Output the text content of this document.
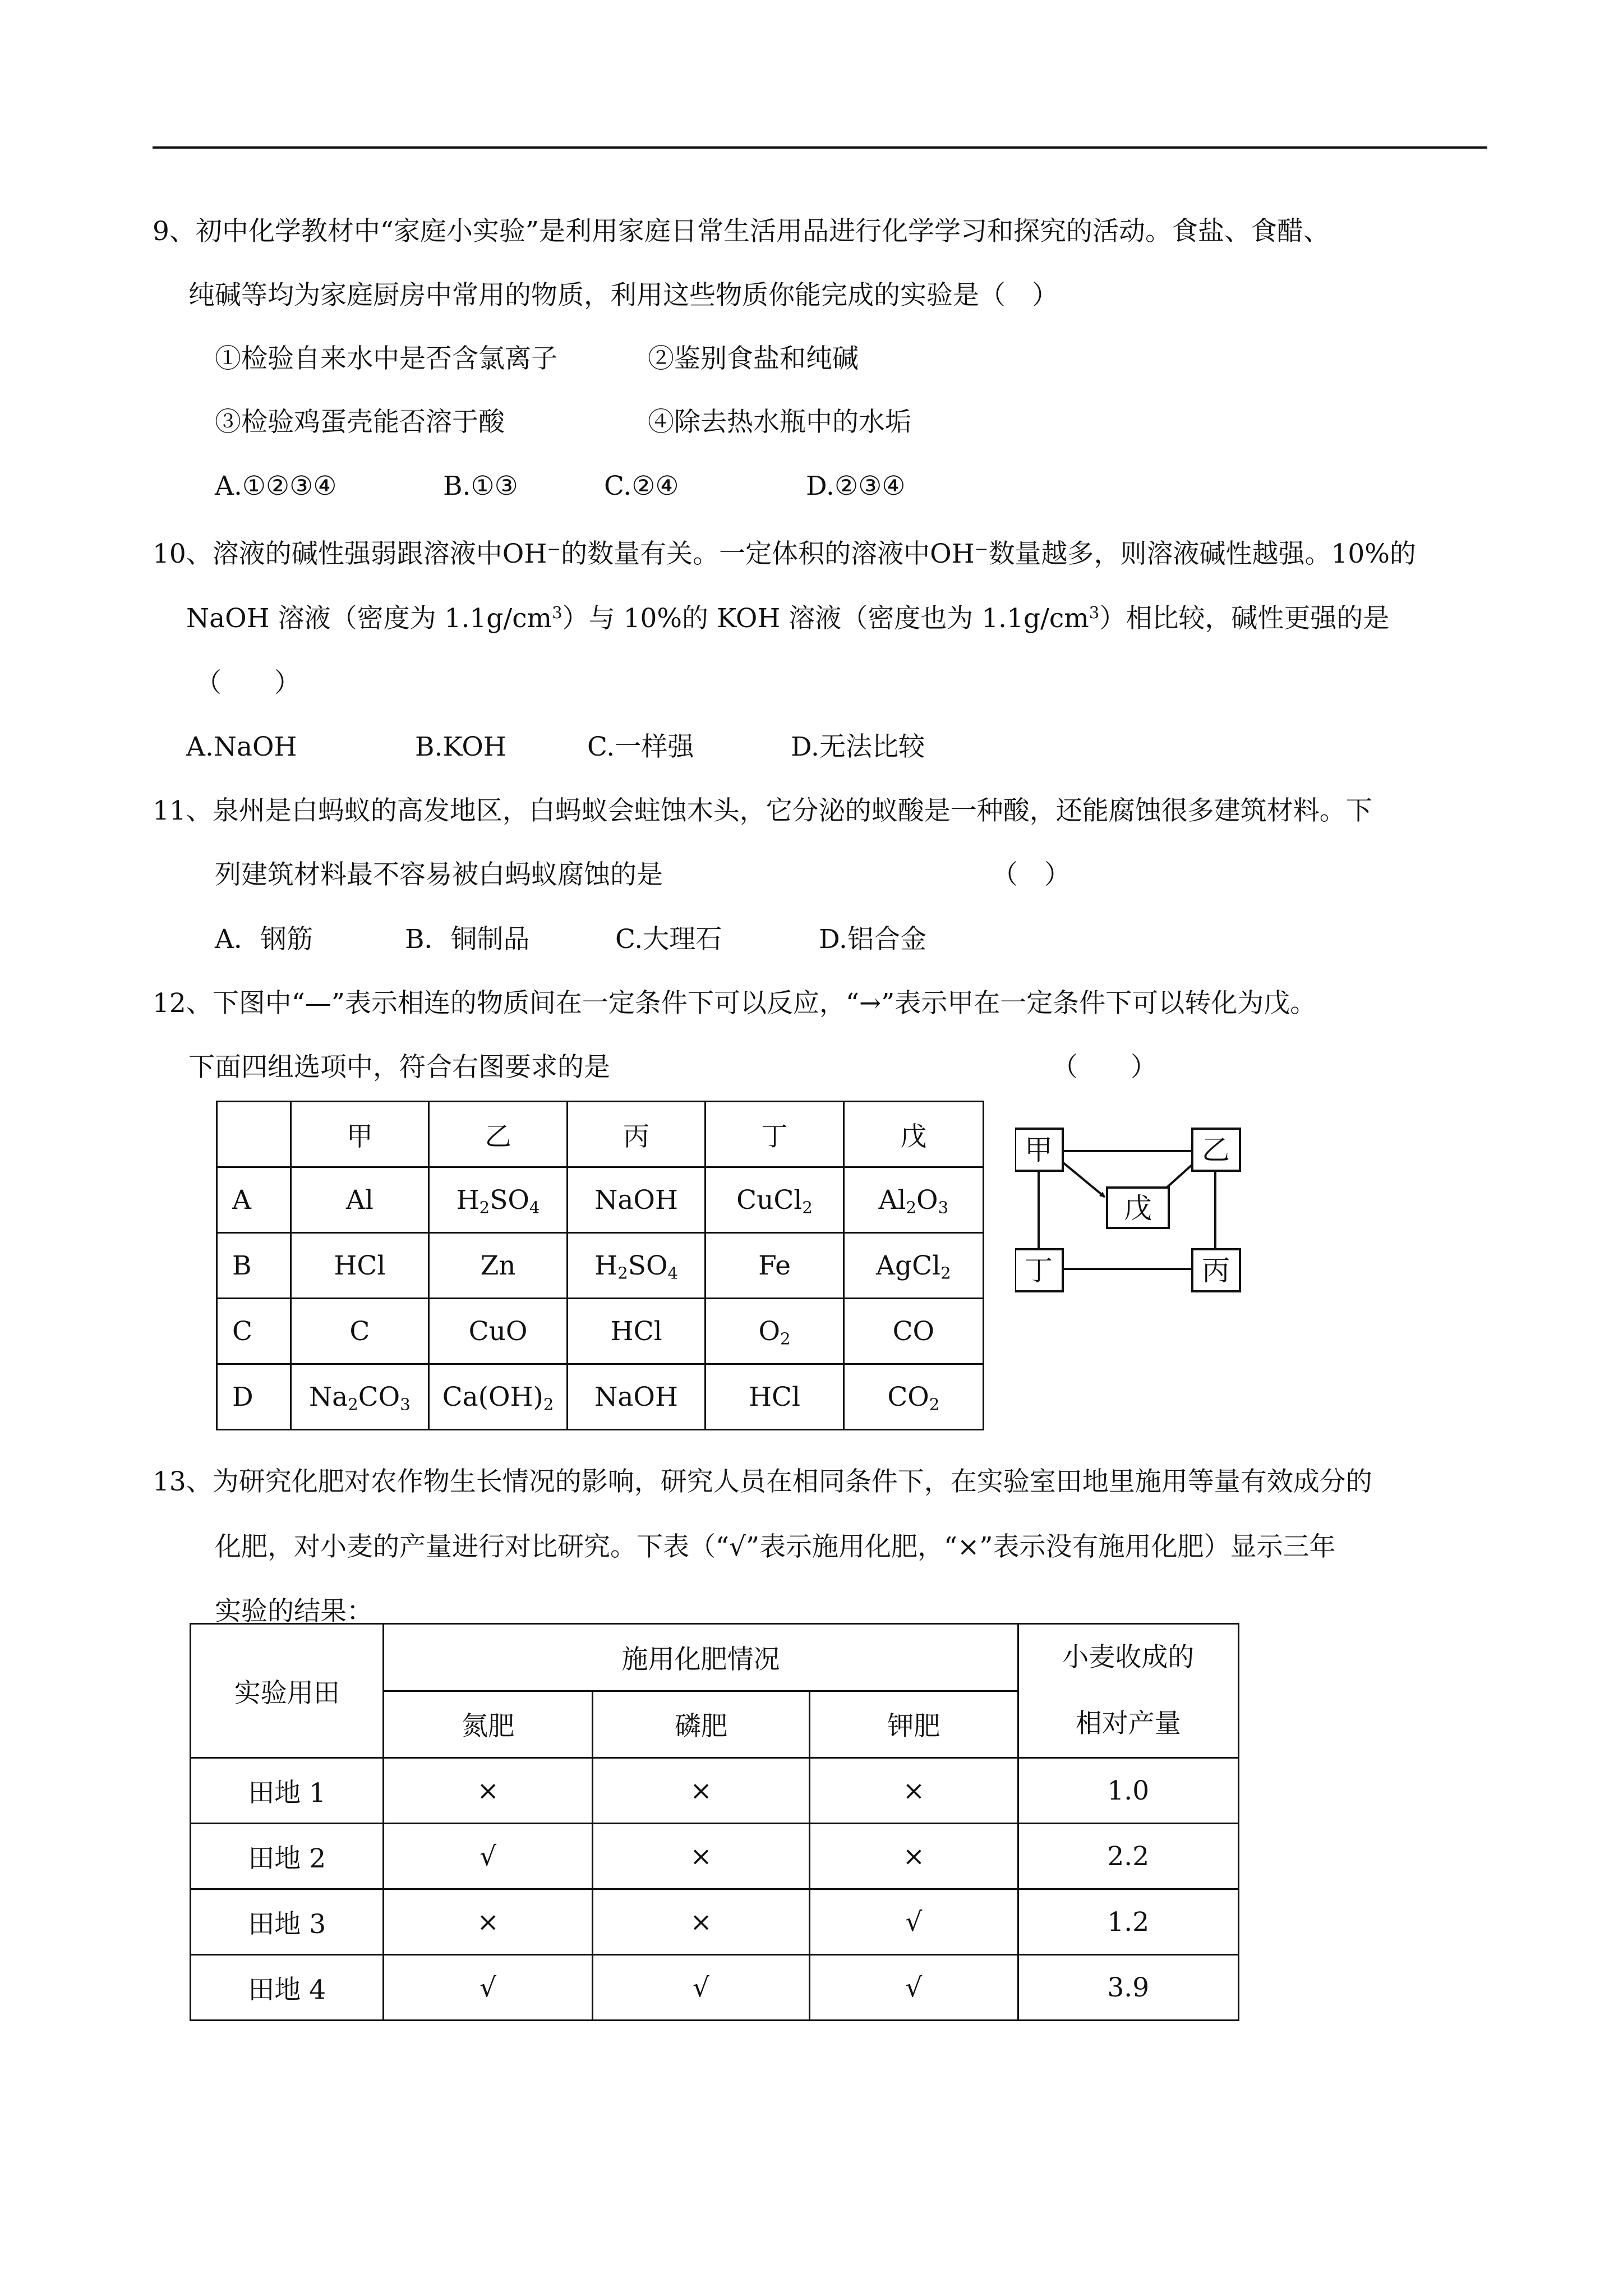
9、初中化学教材中“家庭小实验”是利用家庭日常生活用品进行化学学习和探究的活动。食盐、食醋、
纯碱等均为家庭厨房中常用的物质，利用这些物质你能完成的实验是（　）
①检验自来水中是否含氯离子	②鉴别食盐和纯碱
③检验鸡蛋壳能否溶于酸	④除去热水瓶中的水垢
A.①②③④	B.①③	C.②④	D.②③④
10、溶液的碱性强弱跟溶液中OH⁻的数量有关。一定体积的溶液中OH⁻数量越多，则溶液碱性越强。10%的
NaOH 溶液（密度为 $1.1g/cm^3$）与 10%的 KOH 溶液（密度也为 $1.1g/cm^3$）相比较，碱性更强的是
（　　）
A.NaOH	B.KOH	C.一样强	D.无法比较
11、泉州是白蚂蚁的高发地区，白蚂蚁会蛀蚀木头，它分泌的蚁酸是一种酸，还能腐蚀很多建筑材料。下
列建筑材料最不容易被白蚂蚁腐蚀的是	（　）
A．钢筋	B．铜制品	C.大理石	D.铝合金
12、下图中“—”表示相连的物质间在一定条件下可以反应，“→”表示甲在一定条件下可以转化为戊。
下面四组选项中，符合右图要求的是	（　　）
	甲	乙	丙	丁	戊
A	Al	$H_2SO_4$	NaOH	CuCl$_2$	$Al_2O_3$
B	HCl	Zn	$H_2SO_4$	Fe	AgCl$_2$
C	C	CuO	HCl	$O_2$	CO
D	$Na_2CO_3$	$Ca(OH)_2$	NaOH	HCl	$CO_2$
甲	乙
戊
丁	丙
13、为研究化肥对农作物生长情况的影响，研究人员在相同条件下，在实验室田地里施用等量有效成分的
化肥，对小麦的产量进行对比研究。下表（“√”表示施用化肥，“×”表示没有施用化肥）显示三年
实验的结果：
实验用田	施用化肥情况			小麦收成的
相对产量
	氮肥	磷肥	钾肥	
田地 1	×	×	×	1.0
田地 2	√	×	×	2.2
田地 3	×	×	√	1.2
田地 4	√	√	√	3.9
